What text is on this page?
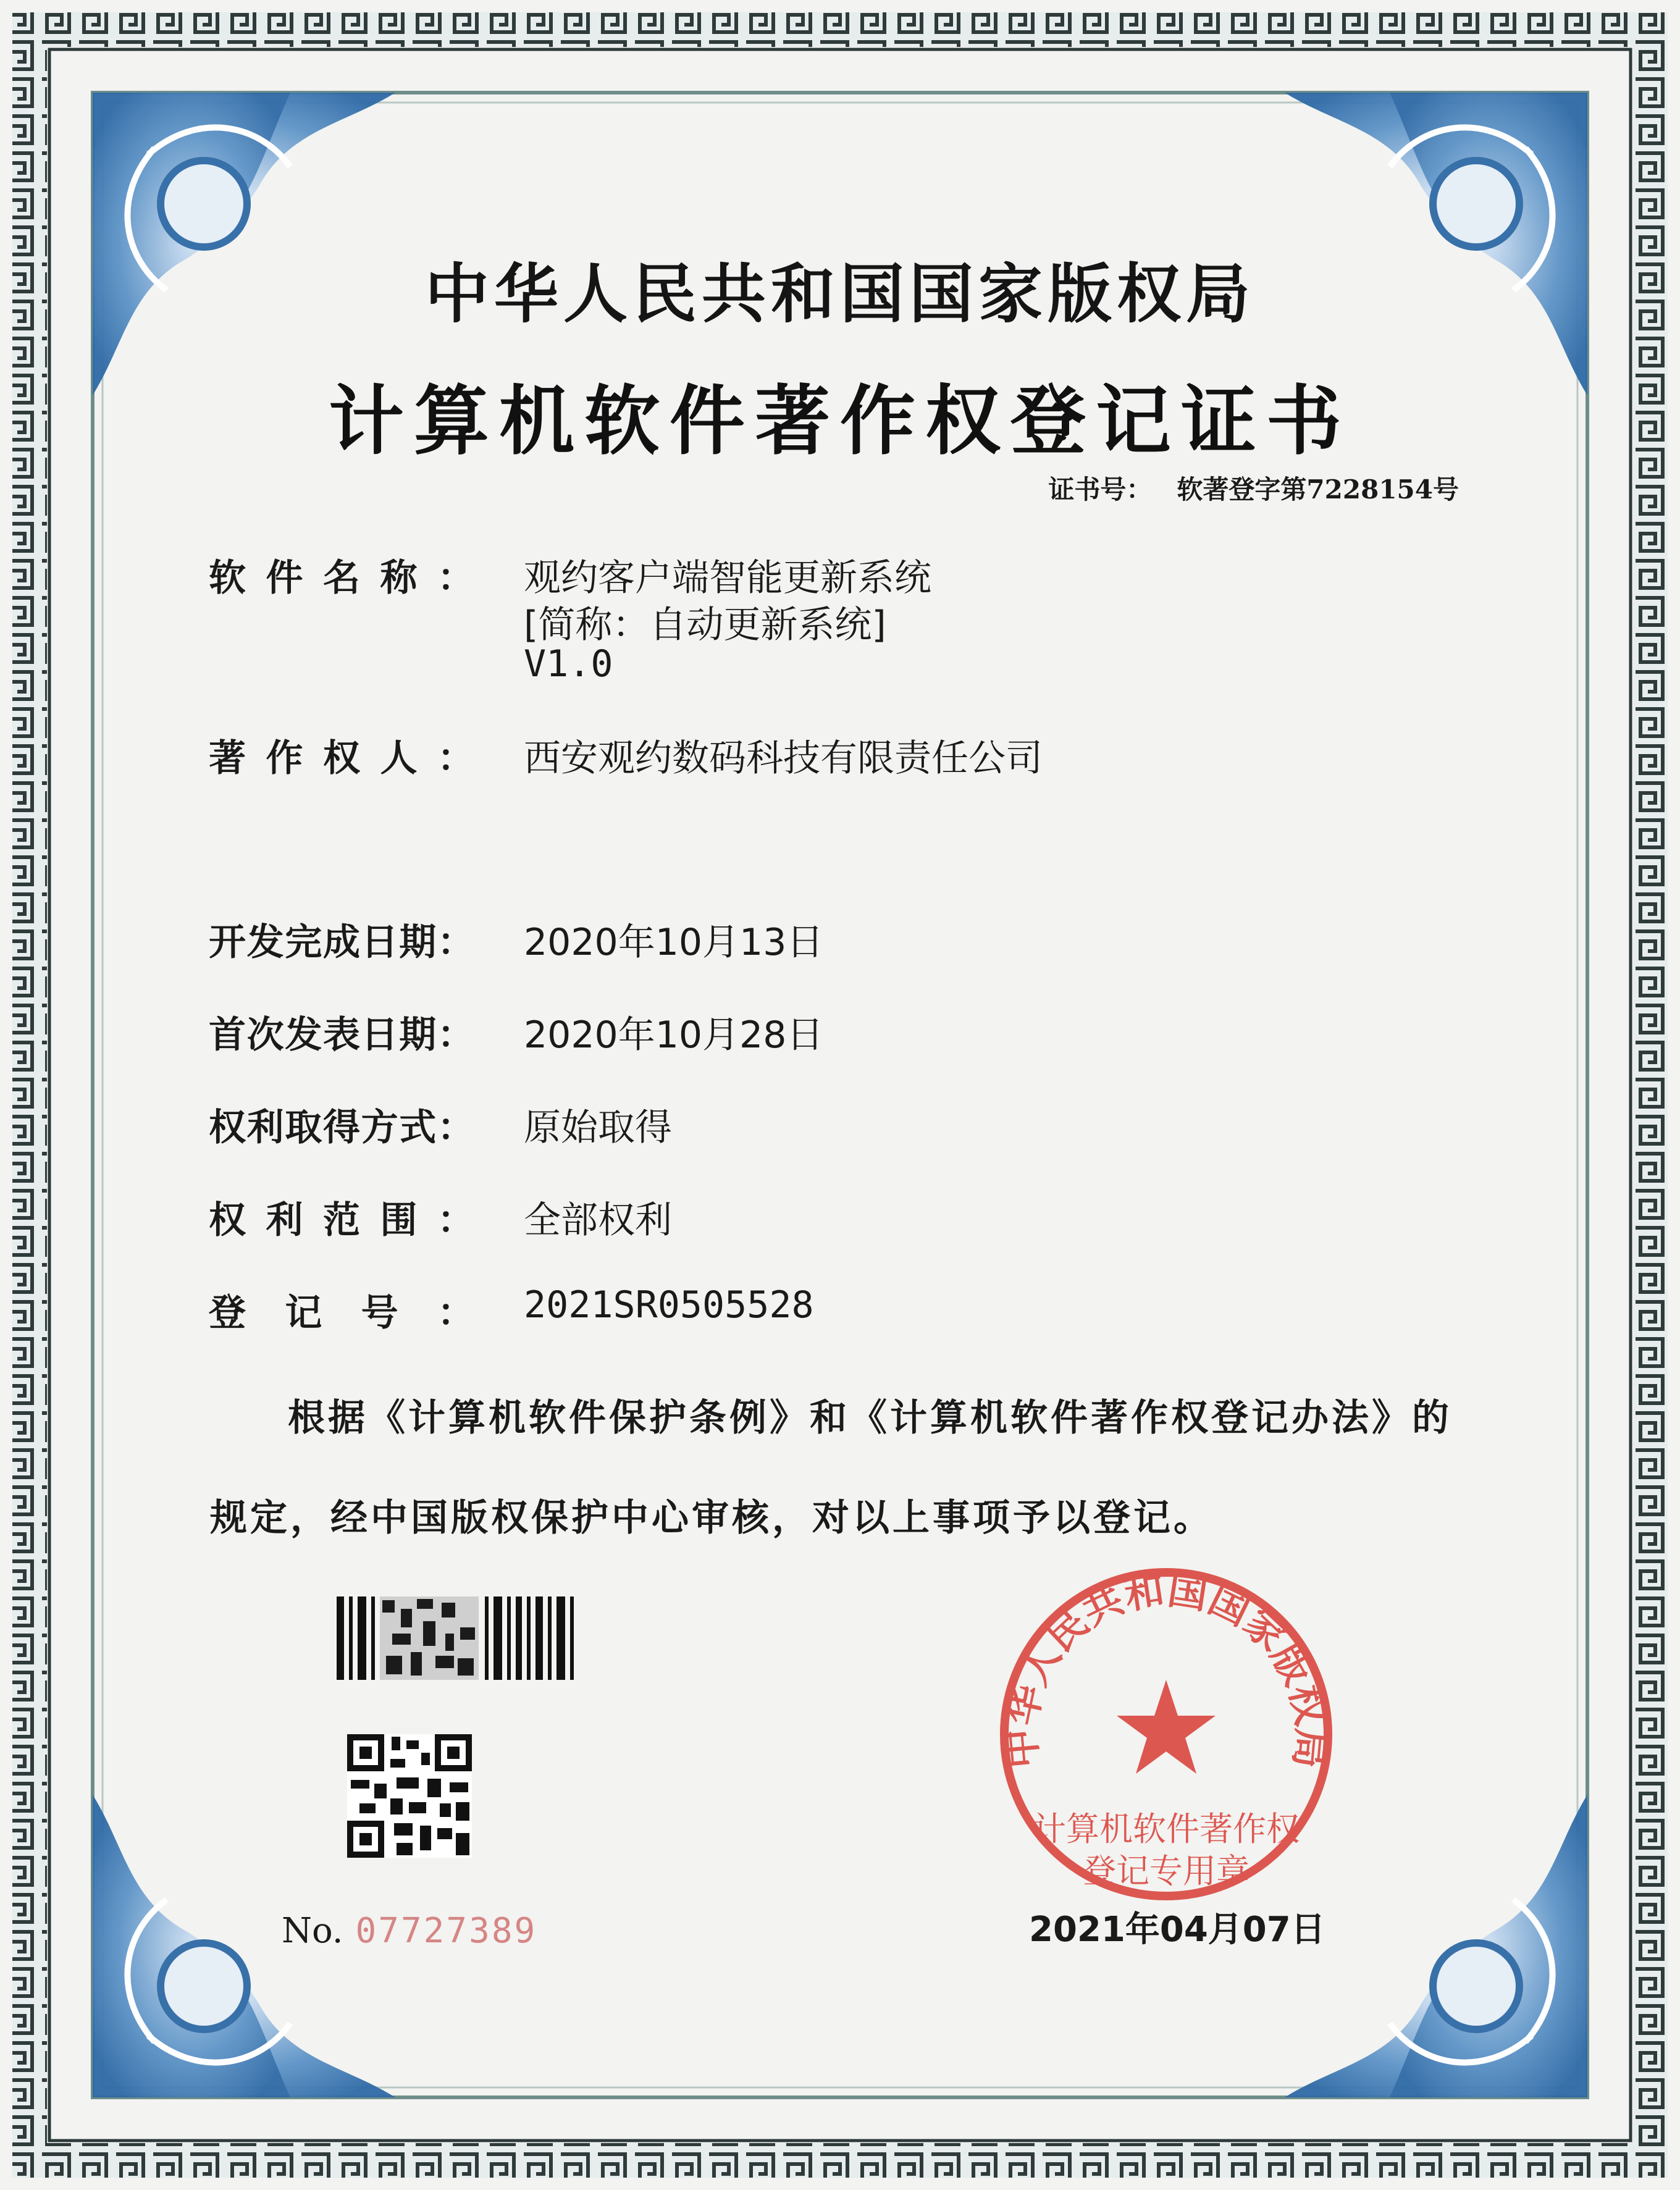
中华人民共和国国家版权局
计算机软件著作权
登记专用章
中华人民共和国国家版权局
计算机软件著作权登记证书
证书号： 软著登字第7228154号
软 件 名 称 ： 观约客户端智能更新系统
[简称：自动更新系统]
V1.0
著 作 权 人 ： 西安观约数码科技有限责任公司
开 发 完 成 日 期 ： 2020年10月13日
首 次 发 表 日 期 ： 2020年10月28日
权 利 取 得 方 式 ： 原始取得
权 利 范 围 ： 全部权利
登 记 号 ： 2021SR0505528
根据《计算机软件保护条例》和《计算机软件著作权登记办法》的
规定，经中国版权保护中心审核，对以上事项予以登记。
No. 07727389	2021年04月07日
